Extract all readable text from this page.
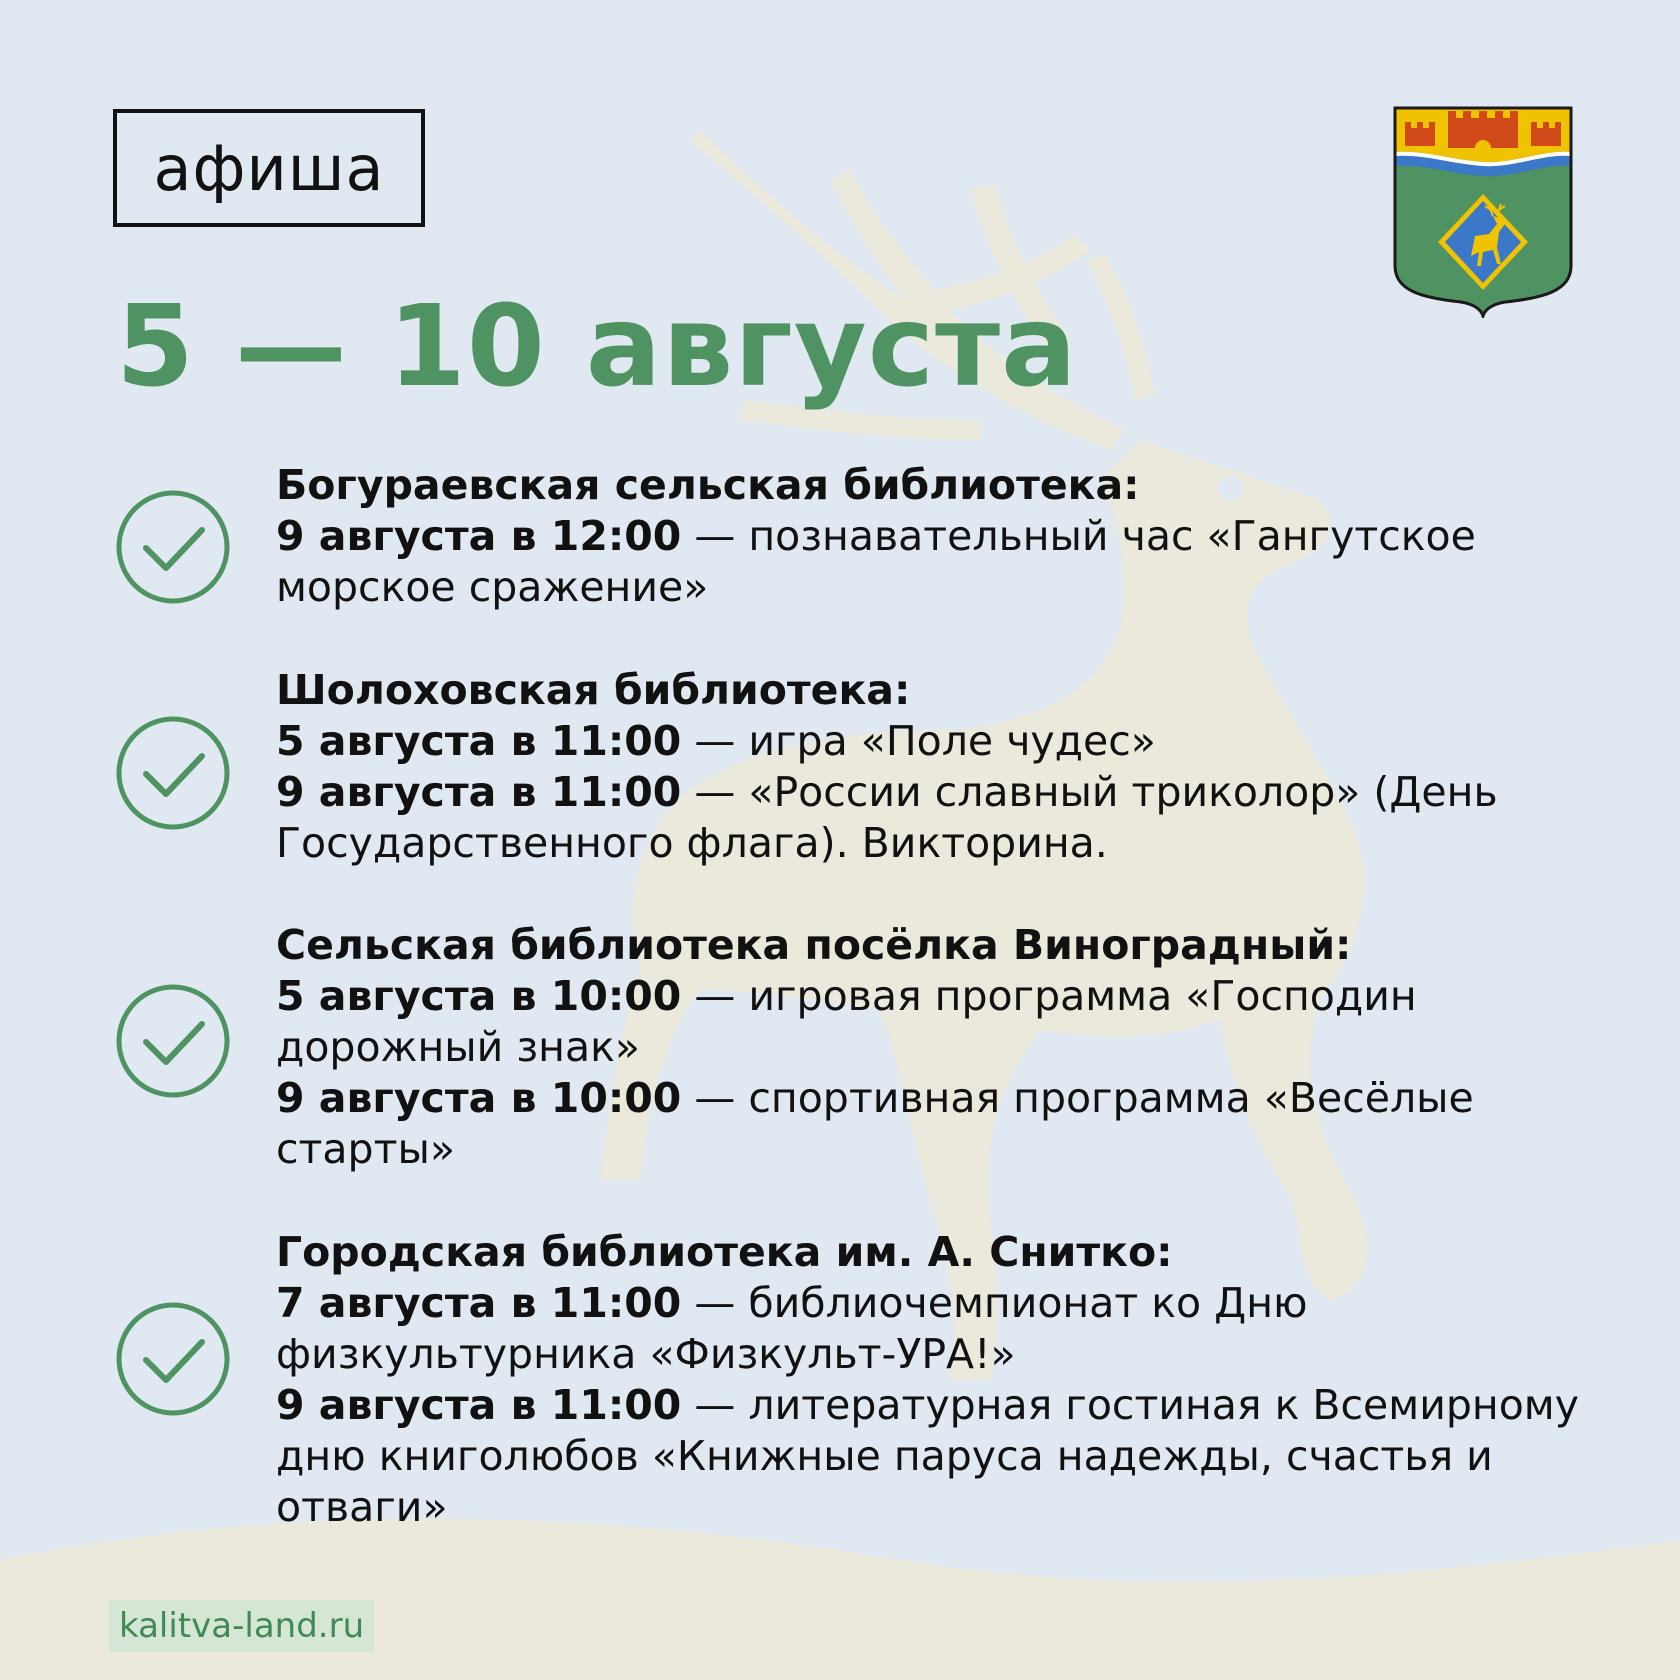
афиша
5 — 10 августа
Богураевская сельская библиотека:
9 августа в 12:00 — познавательный час «Гангутское морское сражение»
Шолоховская библиотека:
5 августа в 11:00 — игра «Поле чудес»
9 августа в 11:00 — «России славный триколор» (День Государственного флага). Викторина.
Сельская библиотека посёлка Виноградный:
5 августа в 10:00 — игровая программа «Господин дорожный знак»
9 августа в 10:00 — спортивная программа «Весёлые старты»
Городская библиотека им. А. Снитко:
7 августа в 11:00 — библиочемпионат ко Дню физкультурника «Физкульт-УРА!»
9 августа в 11:00 — литературная гостиная к Всемирному дню книголюбов «Книжные паруса надежды, счастья и отваги»
kalitva-land.ru
